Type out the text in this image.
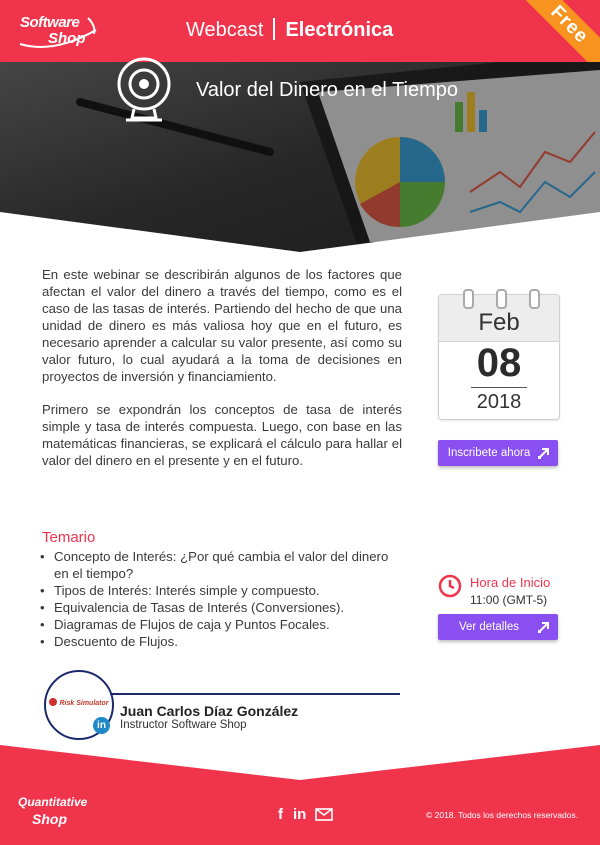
Software
Shop	Webcast Electrónica	Free
Valor del Dinero en el Tiempo

En este webinar se describirán algunos de los factores que afectan el valor del dinero a través del tiempo, como es el caso de las tasas de interés. Partiendo del hecho de que una unidad de dinero es más valiosa hoy que en el futuro, es necesario aprender a calcular su valor presente, así como su valor futuro, lo cual ayudará a la toma de decisiones en proyectos de inversión y financiamiento.

Primero se expondrán los conceptos de tasa de interés simple y tasa de interés compuesta. Luego, con base en las matemáticas financieras, se explicará el cálculo para hallar el valor del dinero en el presente y en el futuro.

Temario
• Concepto de Interés: ¿Por qué cambia el valor del dinero en el tiempo?
• Tipos de Interés: Interés simple y compuesto.
• Equivalencia de Tasas de Interés (Conversiones).
• Diagramas de Flujos de caja y Puntos Focales.
• Descuento de Flujos.
Feb
08
2018
Inscribete ahora
Hora de Inicio
11:00 (GMT-5)
Ver detalles
Risk Simulator
in
Juan Carlos Díaz González
Instructor Software Shop
Quantitative
Shop	f in	© 2018. Todos los derechos reservados.
